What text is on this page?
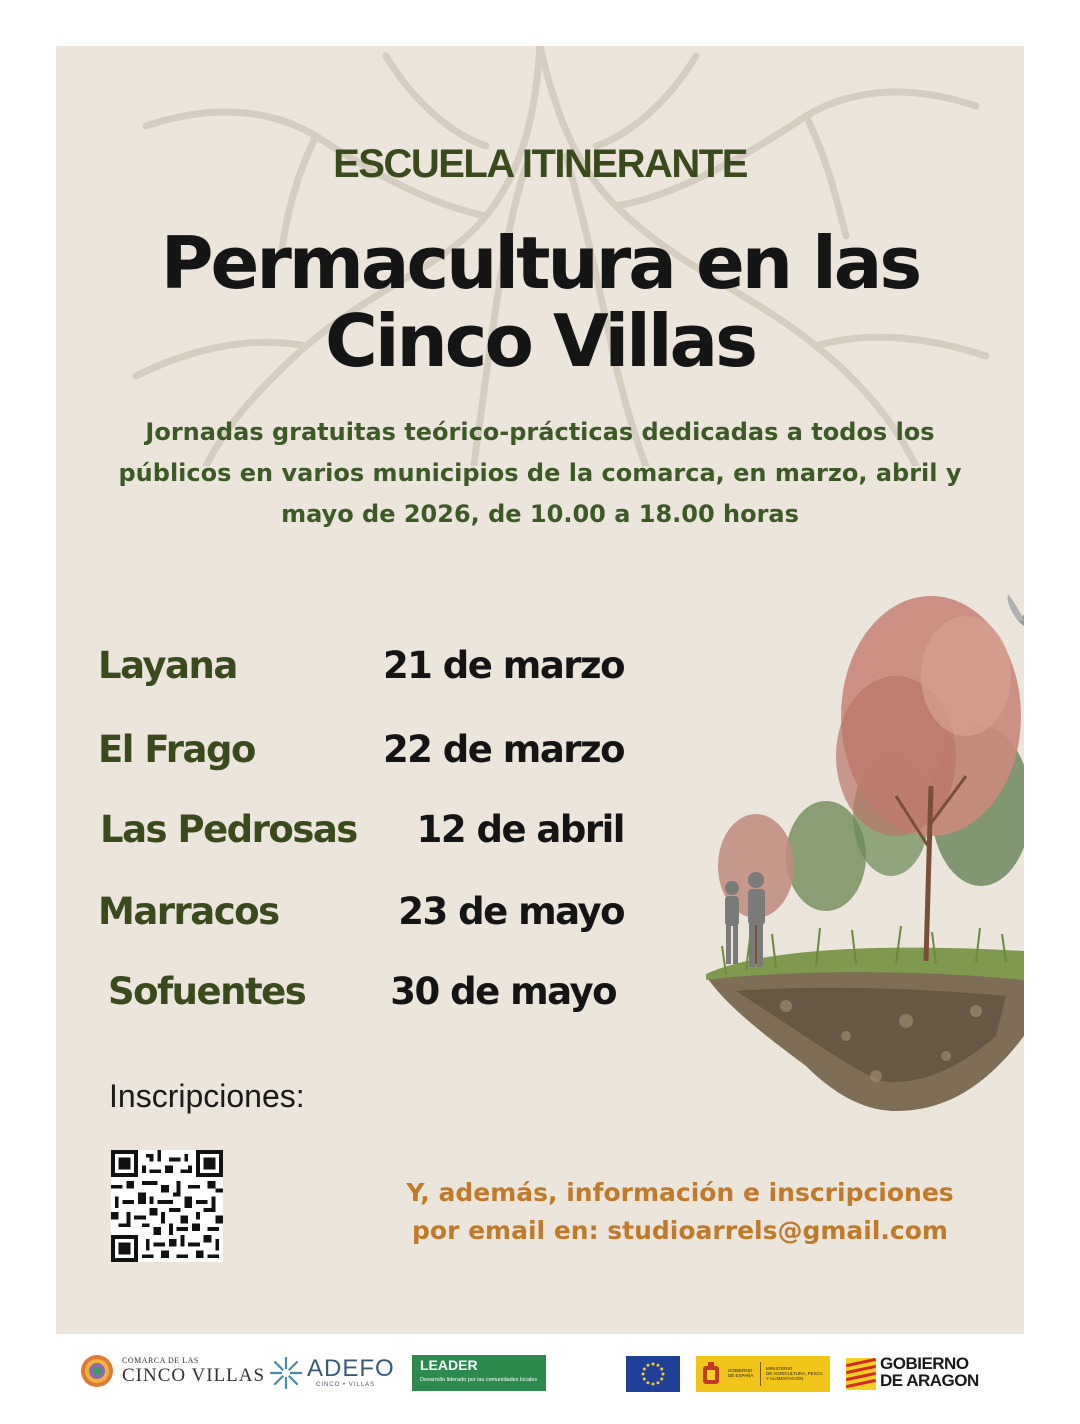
ESCUELA ITINERANTE
Permacultura en las
Cinco Villas
Jornadas gratuitas teórico-prácticas dedicadas a todos los
públicos en varios municipios de la comarca, en marzo, abril y
mayo de 2026, de 10.00 a 18.00 horas
Layana	21 de marzo
El Frago	22 de marzo
Las Pedrosas	12 de abril
Marracos	23 de mayo
Sofuentes	30 de mayo
Inscripciones:
Y, además, información e inscripciones
por email en: studioarrels@gmail.com
COMARCA DE LAS
CINCO VILLAS ADEFO
CINCO • VILLAS
LEADER
Desarrollo liderado por las comunidades locales
GOBIERNO
DE ESPAÑA
MINISTERIO
DE AGRICULTURA, PESCA
Y ALIMENTACIÓN
GOBIERNO
DE ARAGON
